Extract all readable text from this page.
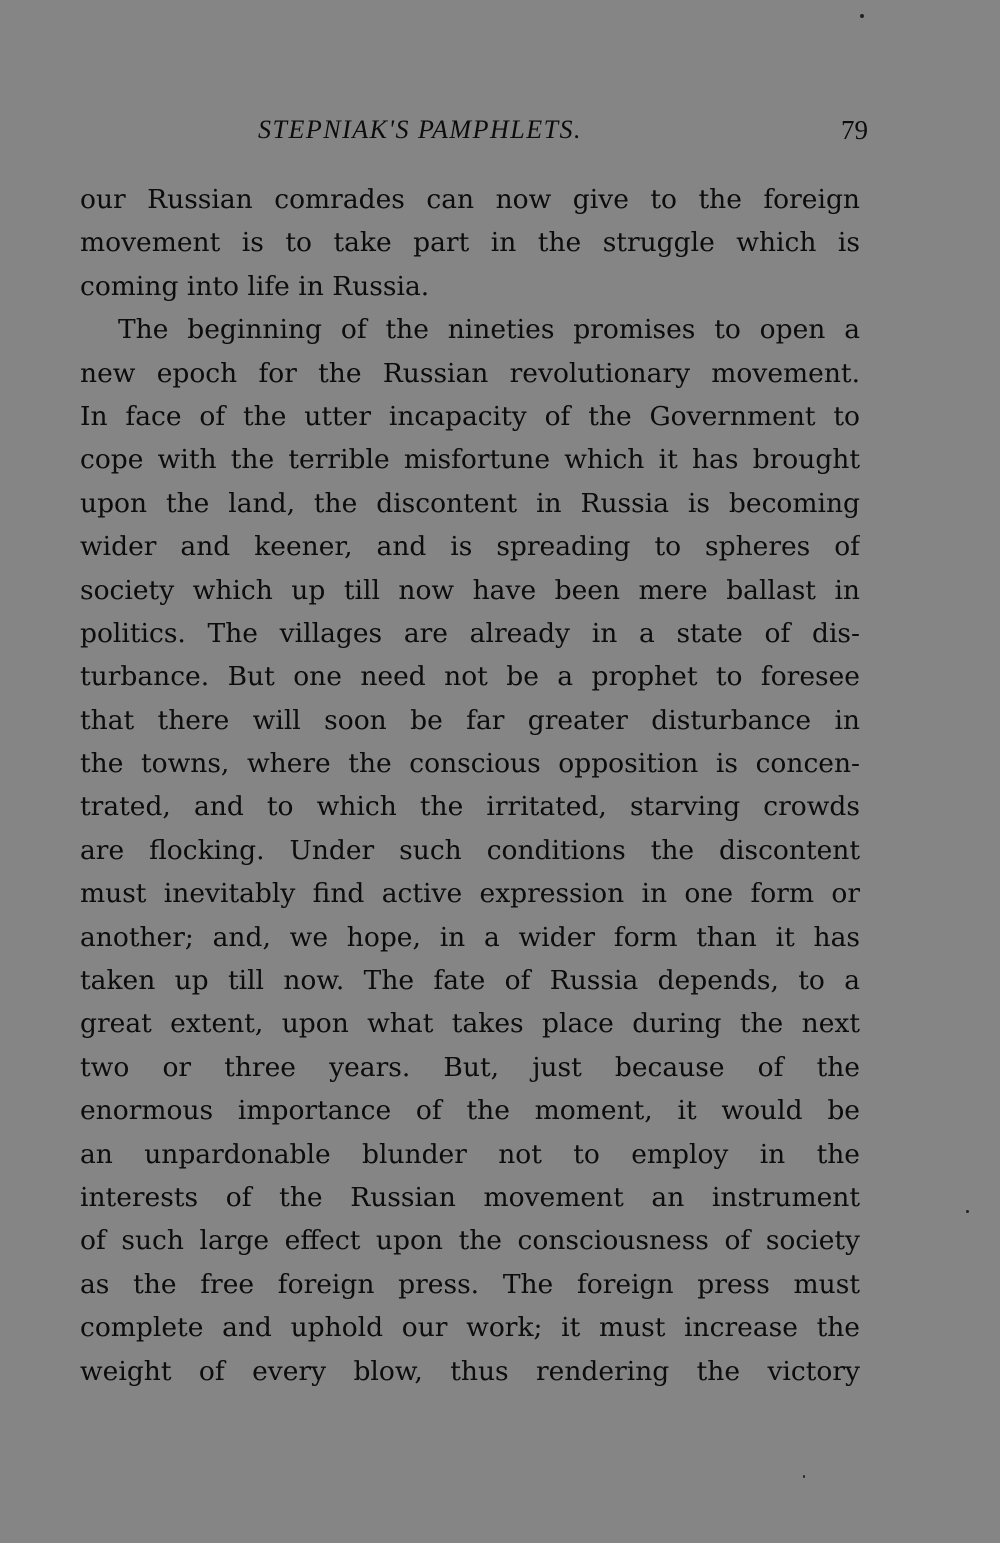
STEPNIAK'S PAMPHLETS.	79
our Russian comrades can now give to the foreign
movement is to take part in the struggle which is
coming into life in Russia.
The beginning of the nineties promises to open a
new epoch for the Russian revolutionary movement.
In face of the utter incapacity of the Government to
cope with the terrible misfortune which it has brought
upon the land, the discontent in Russia is becoming
wider and keener, and is spreading to spheres of
society which up till now have been mere ballast in
politics. The villages are already in a state of dis-
turbance. But one need not be a prophet to foresee
that there will soon be far greater disturbance in
the towns, where the conscious opposition is concen-
trated, and to which the irritated, starving crowds
are flocking. Under such conditions the discontent
must inevitably find active expression in one form or
another; and, we hope, in a wider form than it has
taken up till now. The fate of Russia depends, to a
great extent, upon what takes place during the next
two or three years. But, just because of the
enormous importance of the moment, it would be
an unpardonable blunder not to employ in the
interests of the Russian movement an instrument
of such large effect upon the consciousness of society
as the free foreign press. The foreign press must
complete and uphold our work; it must increase the
weight of every blow, thus rendering the victory
